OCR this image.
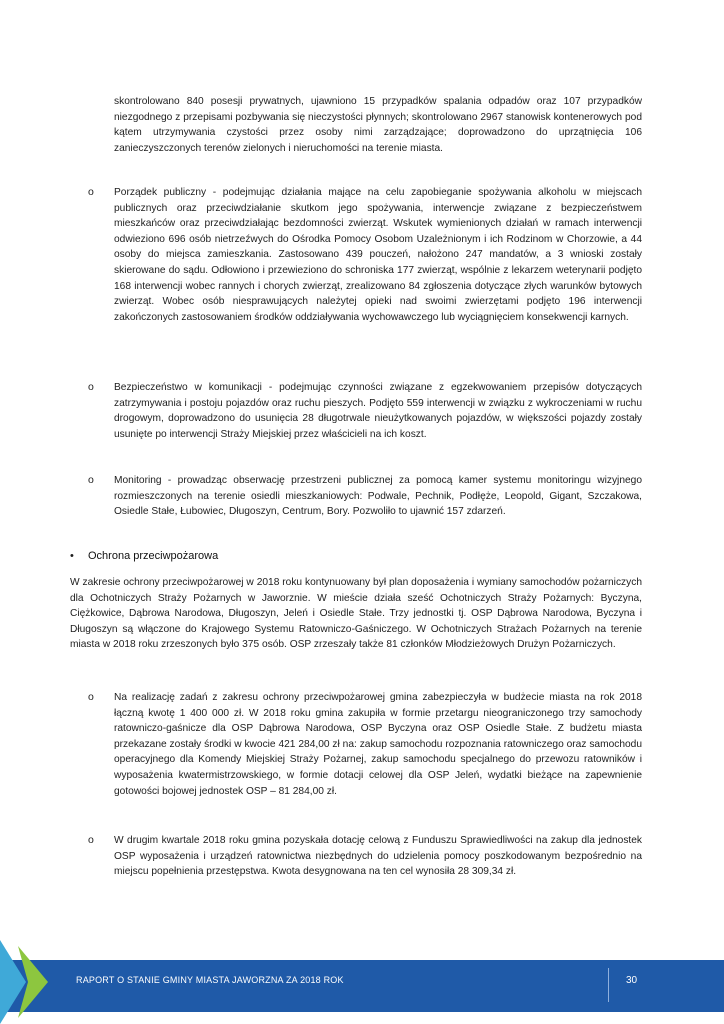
skontrolowano 840 posesji prywatnych, ujawniono 15 przypadków spalania odpadów oraz 107 przypadków niezgodnego z przepisami pozbywania się nieczystości płynnych; skontrolowano 2967 stanowisk kontenerowych pod kątem utrzymywania czystości przez osoby nimi zarządzające; doprowadzono do uprzątnięcia 106 zanieczyszczonych terenów zielonych i nieruchomości na terenie miasta.

o Porządek publiczny - podejmując działania mające na celu zapobieganie spożywania alkoholu w miejscach publicznych oraz przeciwdziałanie skutkom jego spożywania, interwencje związane z bezpieczeństwem mieszkańców oraz przeciwdziałając bezdomności zwierząt. Wskutek wymienionych działań w ramach interwencji odwieziono 696 osób nietrzeźwych do Ośrodka Pomocy Osobom Uzależnionym i ich Rodzinom w Chorzowie, a 44 osoby do miejsca zamieszkania. Zastosowano 439 pouczeń, nałożono 247 mandatów, a 3 wnioski zostały skierowane do sądu. Odłowiono i przewieziono do schroniska 177 zwierząt, wspólnie z lekarzem weterynarii podjęto 168 interwencji wobec rannych i chorych zwierząt, zrealizowano 84 zgłoszenia dotyczące złych warunków bytowych zwierząt. Wobec osób niesprawujących należytej opieki nad swoimi zwierzętami podjęto 196 interwencji zakończonych zastosowaniem środków oddziaływania wychowawczego lub wyciągnięciem konsekwencji karnych.

o Bezpieczeństwo w komunikacji - podejmując czynności związane z egzekwowaniem przepisów dotyczących zatrzymywania i postoju pojazdów oraz ruchu pieszych. Podjęto 559 interwencji w związku z wykroczeniami w ruchu drogowym, doprowadzono do usunięcia 28 długotrwale nieużytkowanych pojazdów, w większości pojazdy zostały usunięte po interwencji Straży Miejskiej przez właścicieli na ich koszt.

o Monitoring - prowadząc obserwację przestrzeni publicznej za pomocą kamer systemu monitoringu wizyjnego rozmieszczonych na terenie osiedli mieszkaniowych: Podwale, Pechnik, Podłęże, Leopold, Gigant, Szczakowa, Osiedle Stałe, Łubowiec, Długoszyn, Centrum, Bory. Pozwoliło to ujawnić 157 zdarzeń.

• Ochrona przeciwpożarowa

W zakresie ochrony przeciwpożarowej w 2018 roku kontynuowany był plan doposażenia i wymiany samochodów pożarniczych dla Ochotniczych Straży Pożarnych w Jaworznie. W mieście działa sześć Ochotniczych Straży Pożarnych: Byczyna, Ciężkowice, Dąbrowa Narodowa, Długoszyn, Jeleń i Osiedle Stałe. Trzy jednostki tj. OSP Dąbrowa Narodowa, Byczyna i Długoszyn są włączone do Krajowego Systemu Ratowniczo-Gaśniczego. W Ochotniczych Strażach Pożarnych na terenie miasta w 2018 roku zrzeszonych było 375 osób. OSP zrzeszały także 81 członków Młodzieżowych Drużyn Pożarniczych.

o Na realizację zadań z zakresu ochrony przeciwpożarowej gmina zabezpieczyła w budżecie miasta na rok 2018 łączną kwotę 1 400 000 zł. W 2018 roku gmina zakupiła w formie przetargu nieograniczonego trzy samochody ratowniczo-gaśnicze dla OSP Dąbrowa Narodowa, OSP Byczyna oraz OSP Osiedle Stałe. Z budżetu miasta przekazane zostały środki w kwocie 421 284,00 zł na: zakup samochodu rozpoznania ratowniczego oraz samochodu operacyjnego dla Komendy Miejskiej Straży Pożarnej, zakup samochodu specjalnego do przewozu ratowników i wyposażenia kwatermistrzowskiego, w formie dotacji celowej dla OSP Jeleń, wydatki bieżące na zapewnienie gotowości bojowej jednostek OSP – 81 284,00 zł.

o W drugim kwartale 2018 roku gmina pozyskała dotację celową z Funduszu Sprawiedliwości na zakup dla jednostek OSP wyposażenia i urządzeń ratownictwa niezbędnych do udzielenia pomocy poszkodowanym bezpośrednio na miejscu popełnienia przestępstwa. Kwota desygnowana na ten cel wynosiła 28 309,34 zł.

RAPORT O STANIE GMINY MIASTA JAWORZNA ZA 2018 ROK	30
